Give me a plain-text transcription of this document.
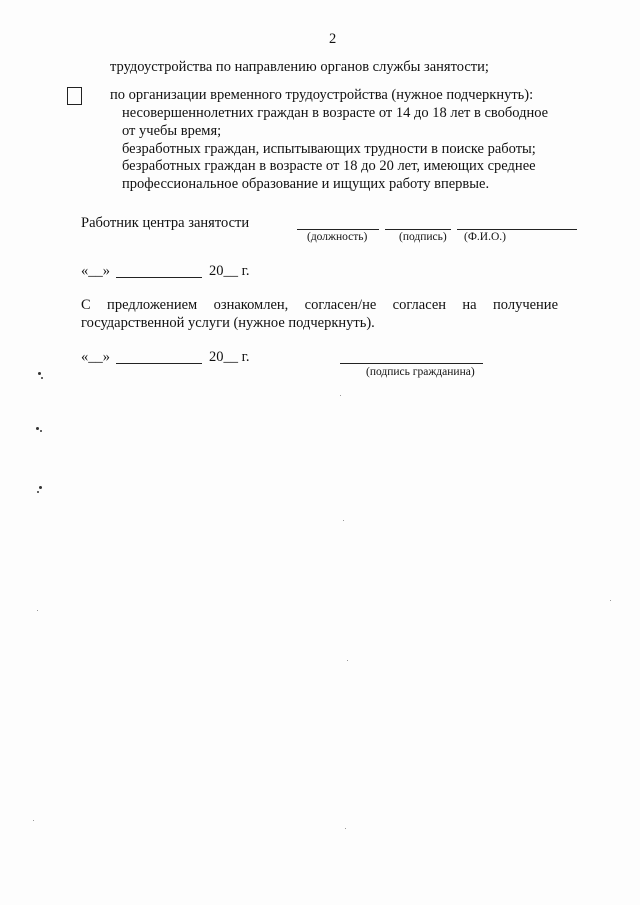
2
трудоустройства по направлению органов службы занятости;
по организации временного трудоустройства (нужное подчеркнуть):
несовершеннолетних граждан в возрасте от 14 до 18 лет в свободное
от учебы время;
безработных граждан, испытывающих трудности в поиске работы;
безработных граждан в возрасте от 18 до 20 лет, имеющих среднее
профессиональное образование и ищущих работу впервые.
Работник центра занятости
(должность)	(подпись) (Ф.И.О.)
«__»	20__ г.
С предложением ознакомлен, согласен/не согласен на получение
государственной услуги (нужное подчеркнуть).
«__»	20__ г.
(подпись гражданина)
